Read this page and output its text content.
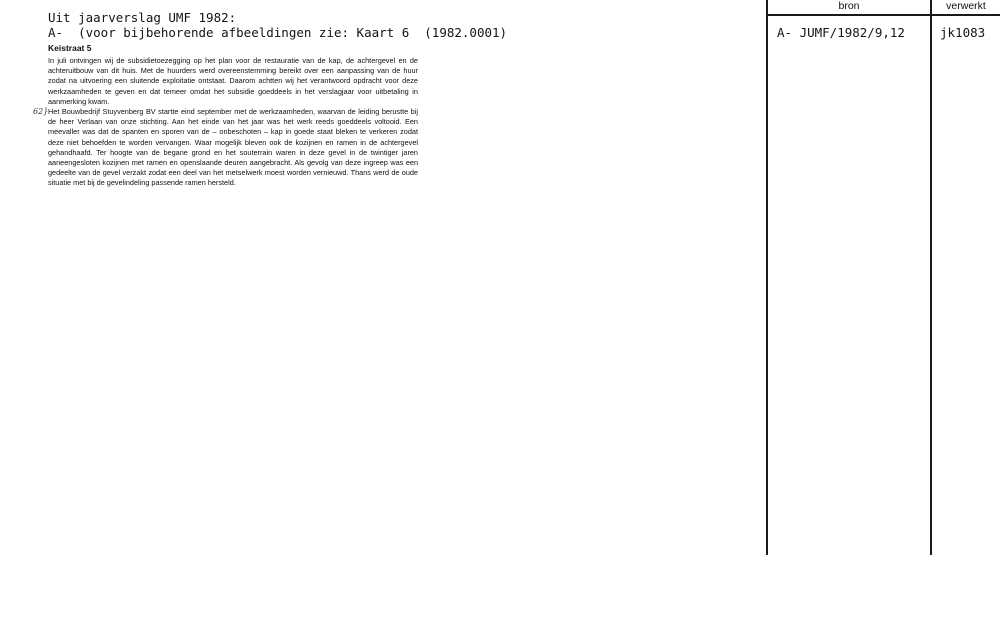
Uit jaarverslag UMF 1982:
A-  (voor bijbehorende afbeeldingen zie: Kaart 6  (1982.0001)
Keistraat 5

In juli ontvingen wij de subsidietoezegging op het plan voor de restauratie van de kap, de achtergevel en de achteruitbouw van dit huis. Met de huurders werd overeenstemming bereikt over een aanpassing van de huur zodat na uitvoering een sluitende exploitatie ontstaat. Daarom achtten wij het verantwoord opdracht voor deze werkzaamheden te geven en dat temeer omdat het subsidie goeddeels in het verslagjaar voor uitbetaling in aanmerking kwam.

62} Het Bouwbedrijf Stuyvenberg BV startte eind september met de werkzaamheden, waarvan de leiding berustte bij de heer Verlaan van onze stichting. Aan het einde van het jaar was het werk reeds goeddeels voltooid. Een meevaller was dat de spanten en sporen van de – onbeschoten – kap in goede staat bleken te verkeren zodat deze niet behoefden te worden vervangen. Waar mogelijk bleven ook de kozijnen en ramen in de achtergevel gehandhaafd. Ter hoogte van de begane grond en het souterrain waren in deze gevel in de twintiger jaren aaneengesloten kozijnen met ramen en openslaande deuren aangebracht. Als gevolg van deze ingreep was een gedeelte van de gevel verzakt zodat een deel van het metselwerk moest worden vernieuwd. Thans werd de oude situatie met bij de gevelindeling passende ramen hersteld.

bron	verwerkt
A- JUMF/1982/9,12	jk1083
